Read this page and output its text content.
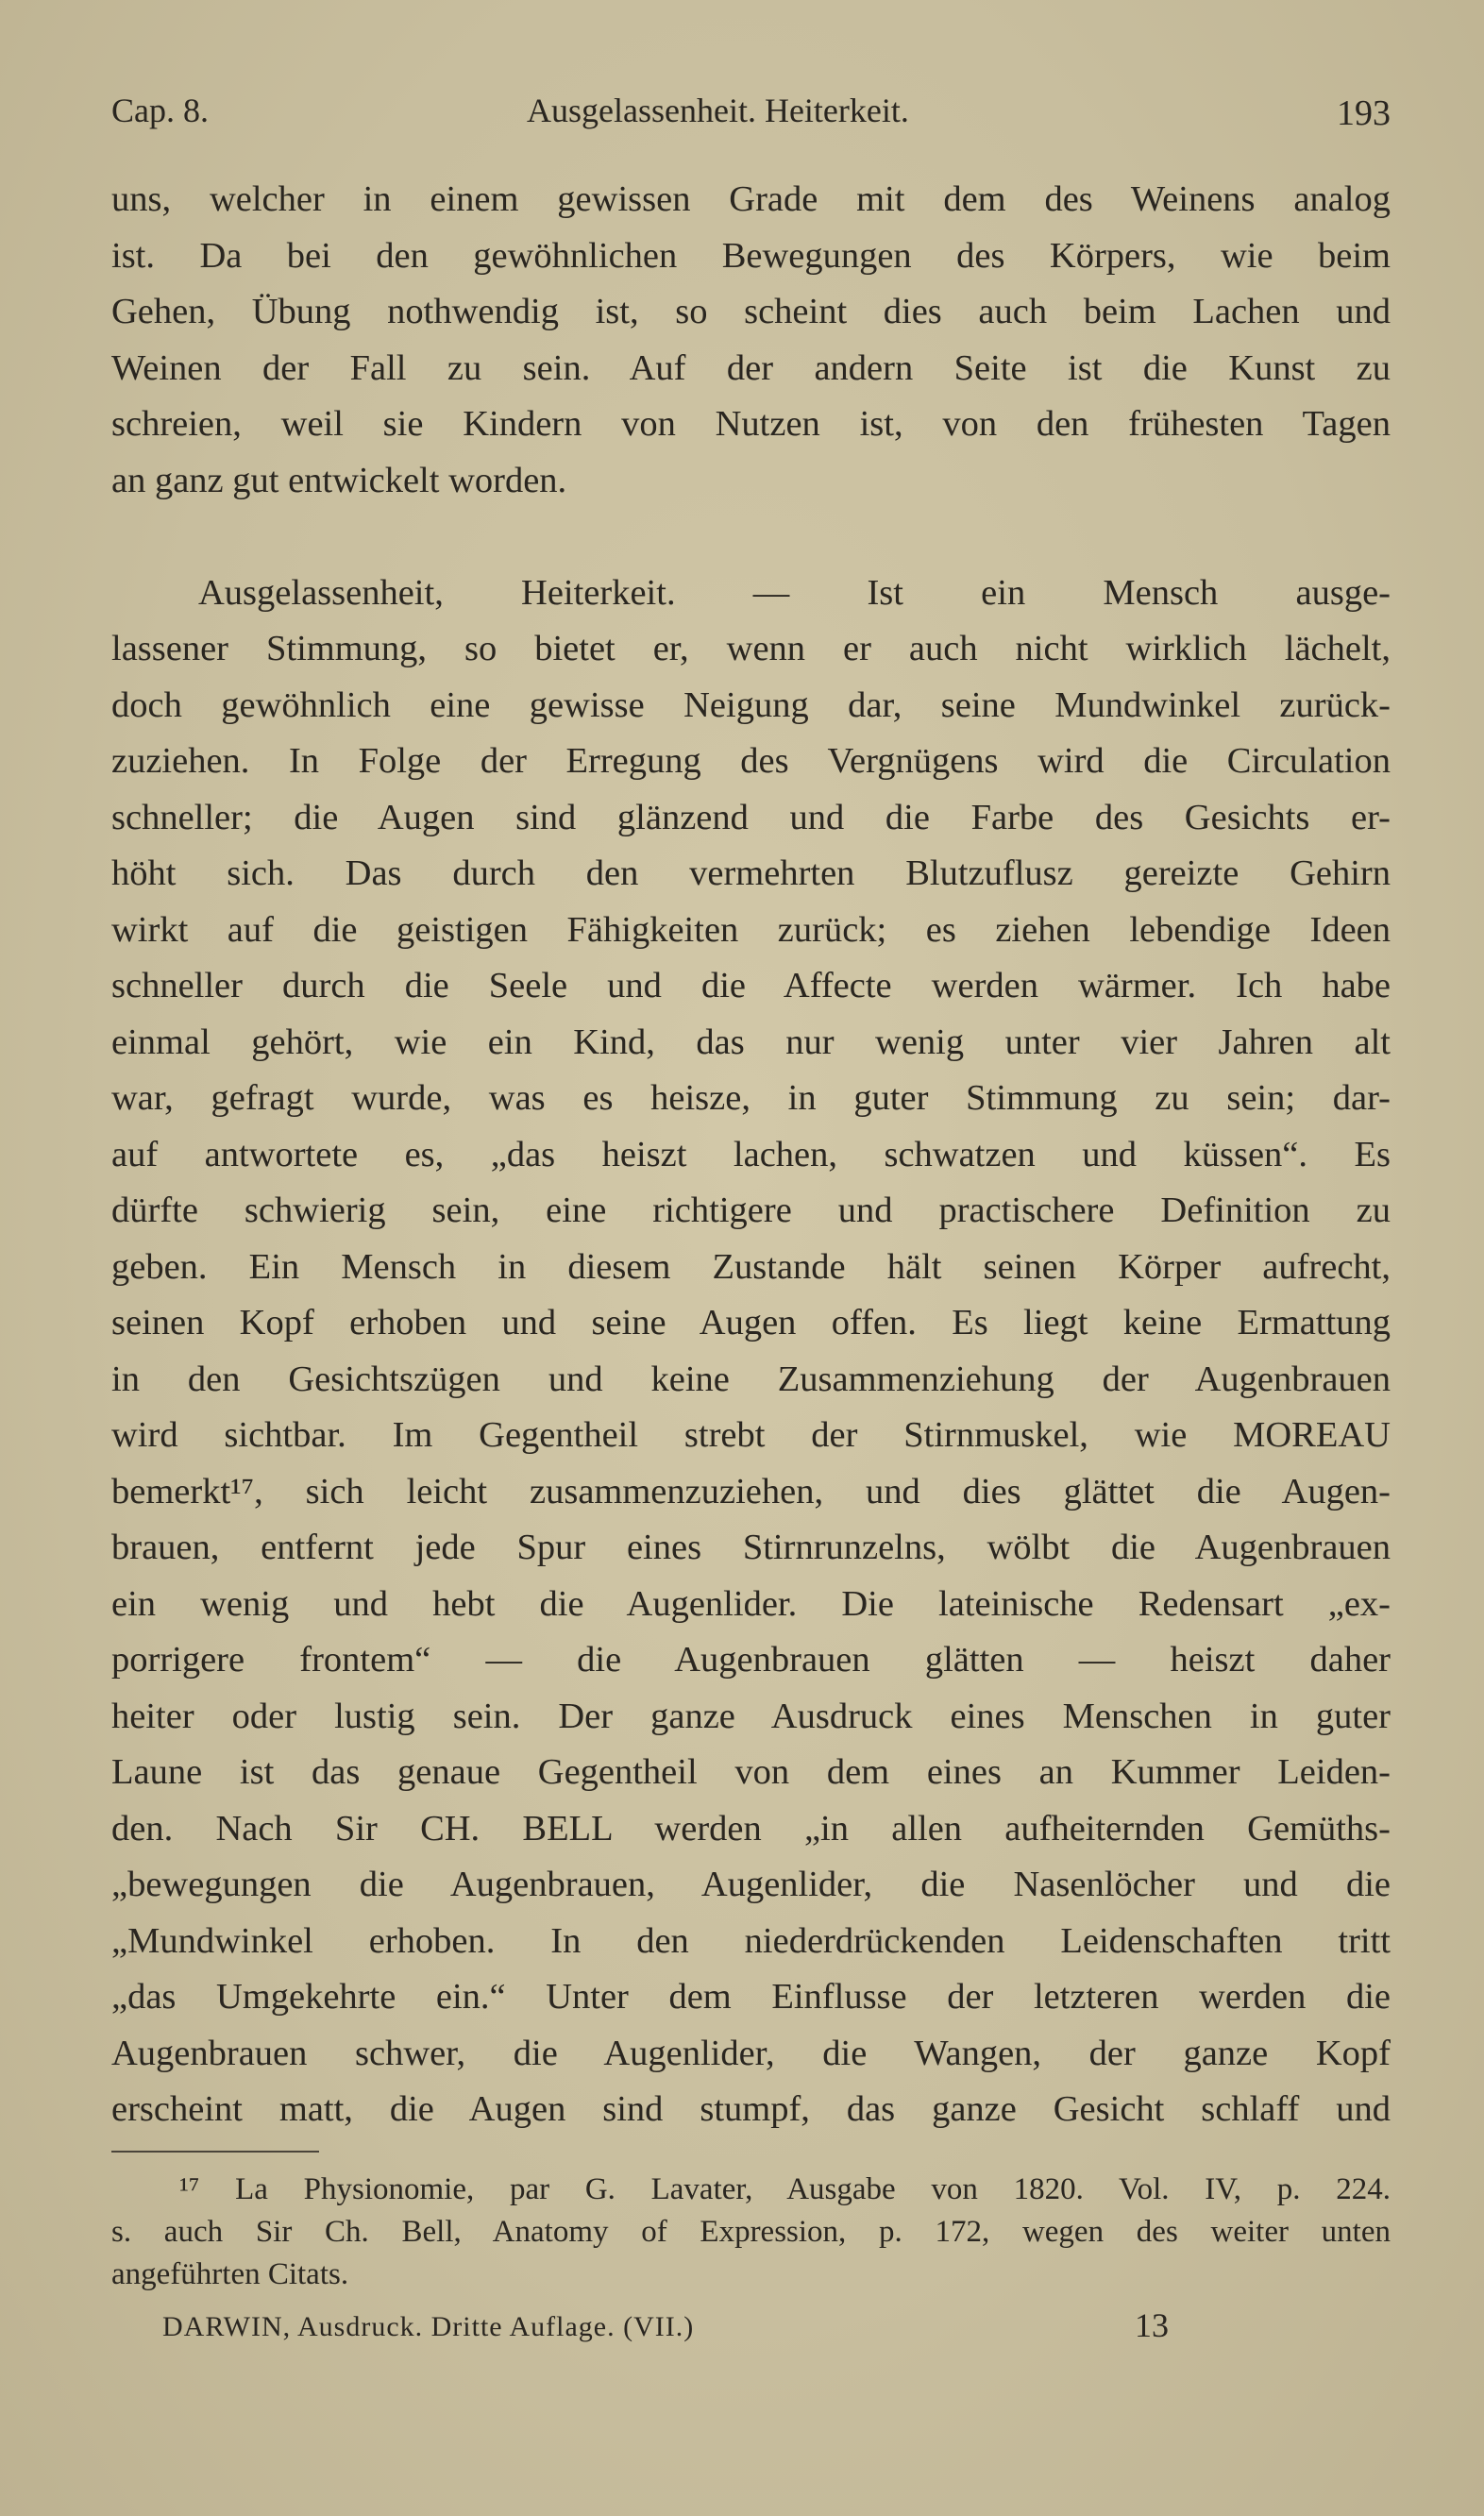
Cap. 8.	Ausgelassenheit. Heiterkeit.	193
uns, welcher in einem gewissen Grade mit dem des Weinens analog
ist. Da bei den gewöhnlichen Bewegungen des Körpers, wie beim
Gehen, Übung nothwendig ist, so scheint dies auch beim Lachen und
Weinen der Fall zu sein. Auf der andern Seite ist die Kunst zu
schreien, weil sie Kindern von Nutzen ist, von den frühesten Tagen
an ganz gut entwickelt worden.
Ausgelassenheit, Heiterkeit. — Ist ein Mensch ausge-
lassener Stimmung, so bietet er, wenn er auch nicht wirklich lächelt,
doch gewöhnlich eine gewisse Neigung dar, seine Mundwinkel zurück-
zuziehen. In Folge der Erregung des Vergnügens wird die Circulation
schneller; die Augen sind glänzend und die Farbe des Gesichts er-
höht sich. Das durch den vermehrten Blutzuflusz gereizte Gehirn
wirkt auf die geistigen Fähigkeiten zurück; es ziehen lebendige Ideen
schneller durch die Seele und die Affecte werden wärmer. Ich habe
einmal gehört, wie ein Kind, das nur wenig unter vier Jahren alt
war, gefragt wurde, was es heisze, in guter Stimmung zu sein; dar-
auf antwortete es, „das heiszt lachen, schwatzen und küssen“. Es
dürfte schwierig sein, eine richtigere und practischere Definition zu
geben. Ein Mensch in diesem Zustande hält seinen Körper aufrecht,
seinen Kopf erhoben und seine Augen offen. Es liegt keine Ermattung
in den Gesichtszügen und keine Zusammenziehung der Augenbrauen
wird sichtbar. Im Gegentheil strebt der Stirnmuskel, wie MOREAU
bemerkt¹⁷, sich leicht zusammenzuziehen, und dies glättet die Augen-
brauen, entfernt jede Spur eines Stirnrunzelns, wölbt die Augenbrauen
ein wenig und hebt die Augenlider. Die lateinische Redensart „ex-
porrigere frontem“ — die Augenbrauen glätten — heiszt daher
heiter oder lustig sein. Der ganze Ausdruck eines Menschen in guter
Laune ist das genaue Gegentheil von dem eines an Kummer Leiden-
den. Nach Sir CH. BELL werden „in allen aufheiternden Gemüths-
„bewegungen die Augenbrauen, Augenlider, die Nasenlöcher und die
„Mundwinkel erhoben. In den niederdrückenden Leidenschaften tritt
„das Umgekehrte ein.“ Unter dem Einflusse der letzteren werden die
Augenbrauen schwer, die Augenlider, die Wangen, der ganze Kopf
erscheint matt, die Augen sind stumpf, das ganze Gesicht schlaff und
¹⁷ La Physionomie, par G. Lavater, Ausgabe von 1820. Vol. IV, p. 224.
s. auch Sir Ch. Bell, Anatomy of Expression, p. 172, wegen des weiter unten
angeführten Citats.
DARWIN, Ausdruck. Dritte Auflage. (VII.)	13
